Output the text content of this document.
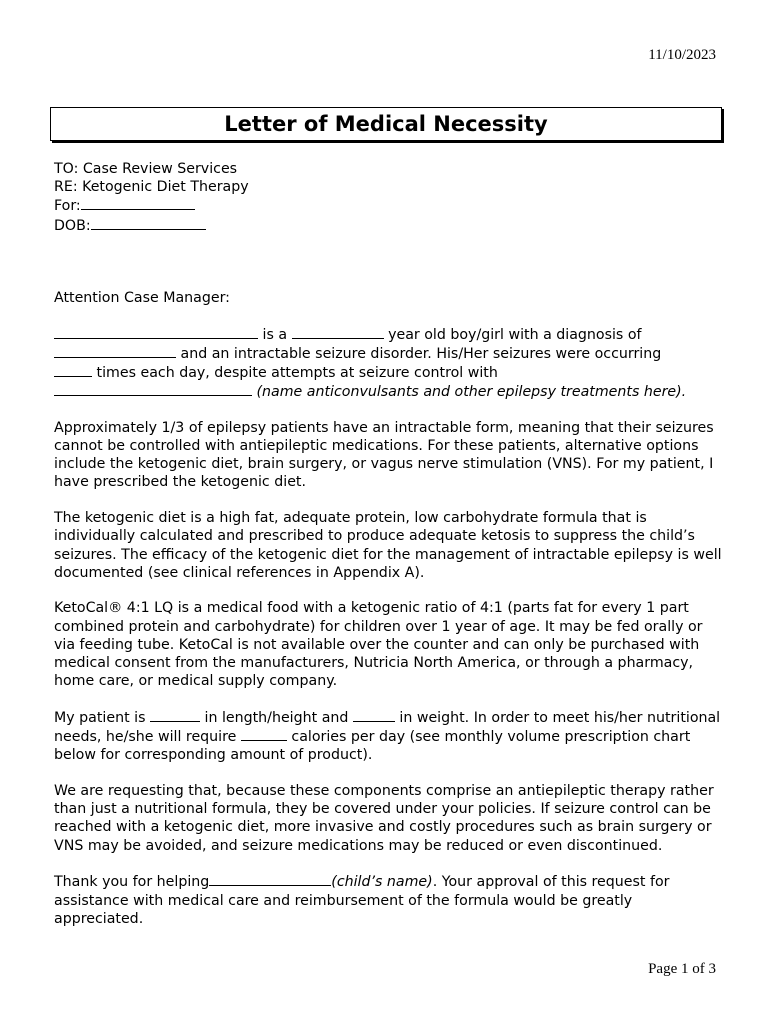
11/10/2023
Letter of Medical Necessity
TO: Case Review Services
RE: Ketogenic Diet Therapy
For:
DOB:

Attention Case Manager:

is a	year old boy/girl with a diagnosis of
and an intractable seizure disorder. His/Her seizures were occurring
times each day, despite attempts at seizure control with
(name anticonvulsants and other epilepsy treatments here).

Approximately 1/3 of epilepsy patients have an intractable form, meaning that their seizures cannot be controlled with antiepileptic medications. For these patients, alternative options include the ketogenic diet, brain surgery, or vagus nerve stimulation (VNS). For my patient, I have prescribed the ketogenic diet.

The ketogenic diet is a high fat, adequate protein, low carbohydrate formula that is individually calculated and prescribed to produce adequate ketosis to suppress the child’s seizures. The efficacy of the ketogenic diet for the management of intractable epilepsy is well documented (see clinical references in Appendix A).

KetoCal® 4:1 LQ is a medical food with a ketogenic ratio of 4:1 (parts fat for every 1 part combined protein and carbohydrate) for children over 1 year of age. It may be fed orally or via feeding tube. KetoCal is not available over the counter and can only be purchased with medical consent from the manufacturers, Nutricia North America, or through a pharmacy, home care, or medical supply company.

My patient is	in length/height and	in weight. In order to meet his/her nutritional needs, he/she will require	calories per day (see monthly volume prescription chart below for corresponding amount of product).

We are requesting that, because these components comprise an antiepileptic therapy rather than just a nutritional formula, they be covered under your policies. If seizure control can be reached with a ketogenic diet, more invasive and costly procedures such as brain surgery or VNS may be avoided, and seizure medications may be reduced or even discontinued.

Thank you for helping	(child’s name). Your approval of this request for assistance with medical care and reimbursement of the formula would be greatly appreciated.

Page 1 of 3
